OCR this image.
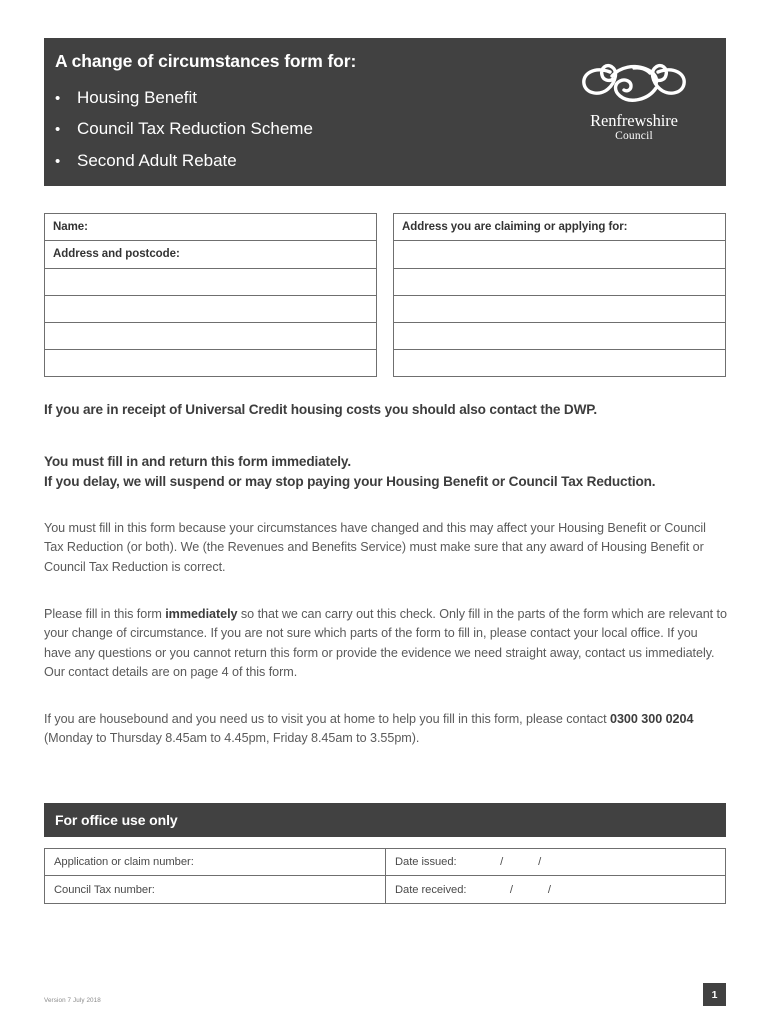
A change of circumstances form for:
• Housing Benefit
• Council Tax Reduction Scheme
• Second Adult Rebate
Renfrewshire
Council
Name:
Address and postcode:
Address you are claiming or applying for:

If you are in receipt of Universal Credit housing costs you should also contact the DWP.

You must fill in and return this form immediately.

If you delay, we will suspend or may stop paying your Housing Benefit or Council Tax Reduction.

You must fill in this form because your circumstances have changed and this may affect your Housing Benefit or Council Tax Reduction (or both). We (the Revenues and Benefits Service) must make sure that any award of Housing Benefit or Council Tax Reduction is correct.

Please fill in this form immediately so that we can carry out this check. Only fill in the parts of the form which are relevant to your change of circumstance. If you are not sure which parts of the form to fill in, please contact your local office. If you have any questions or you cannot return this form or provide the evidence we need straight away, contact us immediately. Our contact details are on page 4 of this form.

If you are housebound and you need us to visit you at home to help you fill in this form, please contact 0300 300 0204 (Monday to Thursday 8.45am to 4.45pm, Friday 8.45am to 3.55pm).

For office use only
Application or claim number:	Date issued:	/	/
Council Tax number:	Date received:	/	/
Version 7 July 2018	1
